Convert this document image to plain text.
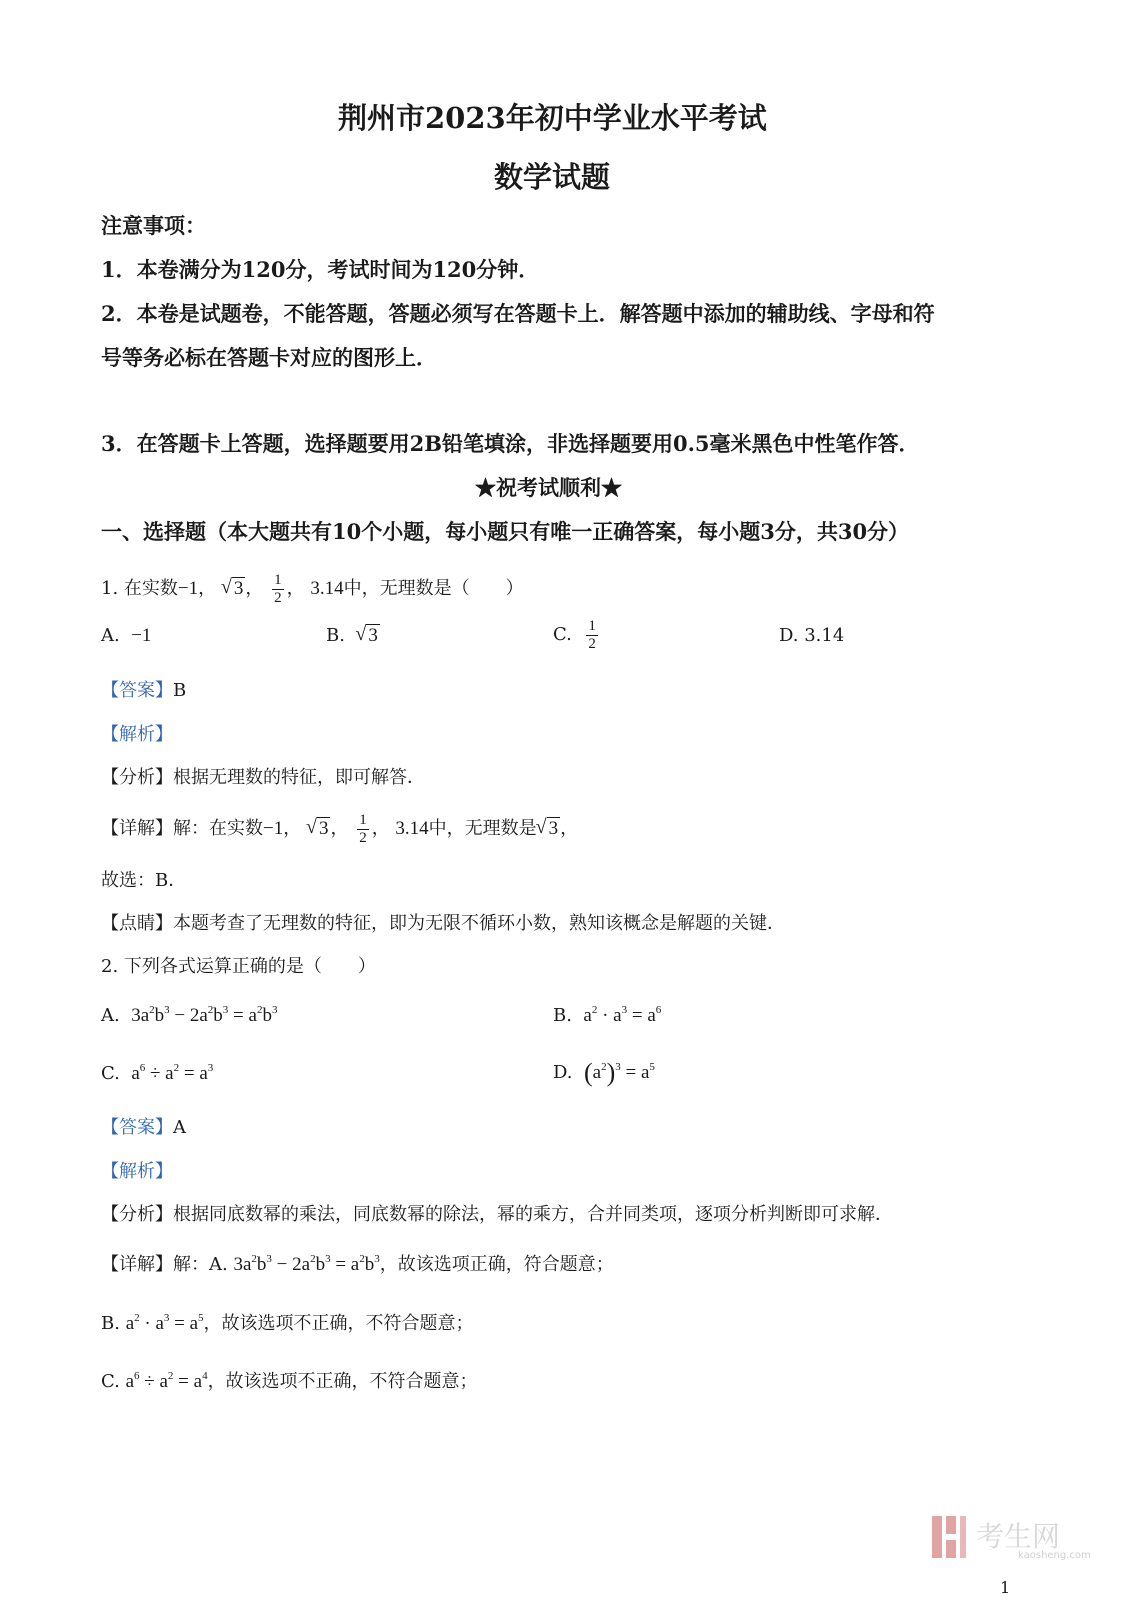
荆州市2023年初中学业水平考试
数学试题
注意事项：
1．本卷满分为120分，考试时间为120分钟．
2．本卷是试题卷，不能答题，答题必须写在答题卡上．解答题中添加的辅助线、字母和符
号等务必标在答题卡对应的图形上．
3．在答题卡上答题，选择题要用2B铅笔填涂，非选择题要用0.5毫米黑色中性笔作答．
★祝考试顺利★
一、选择题（本大题共有10个小题，每小题只有唯一正确答案，每小题3分，共30分）
1. 在实数−1， √ 3 ， $\frac{1}{2}$ ， 3.14中，无理数是（　　）
A. −1	B. √ 3	C. $\frac{1}{2}$	D. 3.14
【答案】B
【解析】
【分析】根据无理数的特征，即可解答．
【详解】解：在实数−1， √ 3 ， $\frac{1}{2}$ ， 3.14中，无理数是 √ 3 ，
故选：B．
【点睛】本题考查了无理数的特征，即为无限不循环小数，熟知该概念是解题的关键．
2. 下列各式运算正确的是（　　）
A. $3a^2b^3 - 2a^2b^3 = a^2b^3$	B. $a^2 \cdot a^3 = a^6$
C. $a^6 \div a^2 = a^3$	D. $(a^2)^3 = a^5$
【答案】A
【解析】
【分析】根据同底数幂的乘法，同底数幂的除法，幂的乘方，合并同类项，逐项分析判断即可求解．
【详解】解：A. $3a^2b^3 - 2a^2b^3 = a^2b^3$，故该选项正确，符合题意；
B. $a^2 \cdot a^3 = a^5$，故该选项不正确，不符合题意；
C. $a^6 \div a^2 = a^4$，故该选项不正确，不符合题意；
考生网
kaosheng.com
1
